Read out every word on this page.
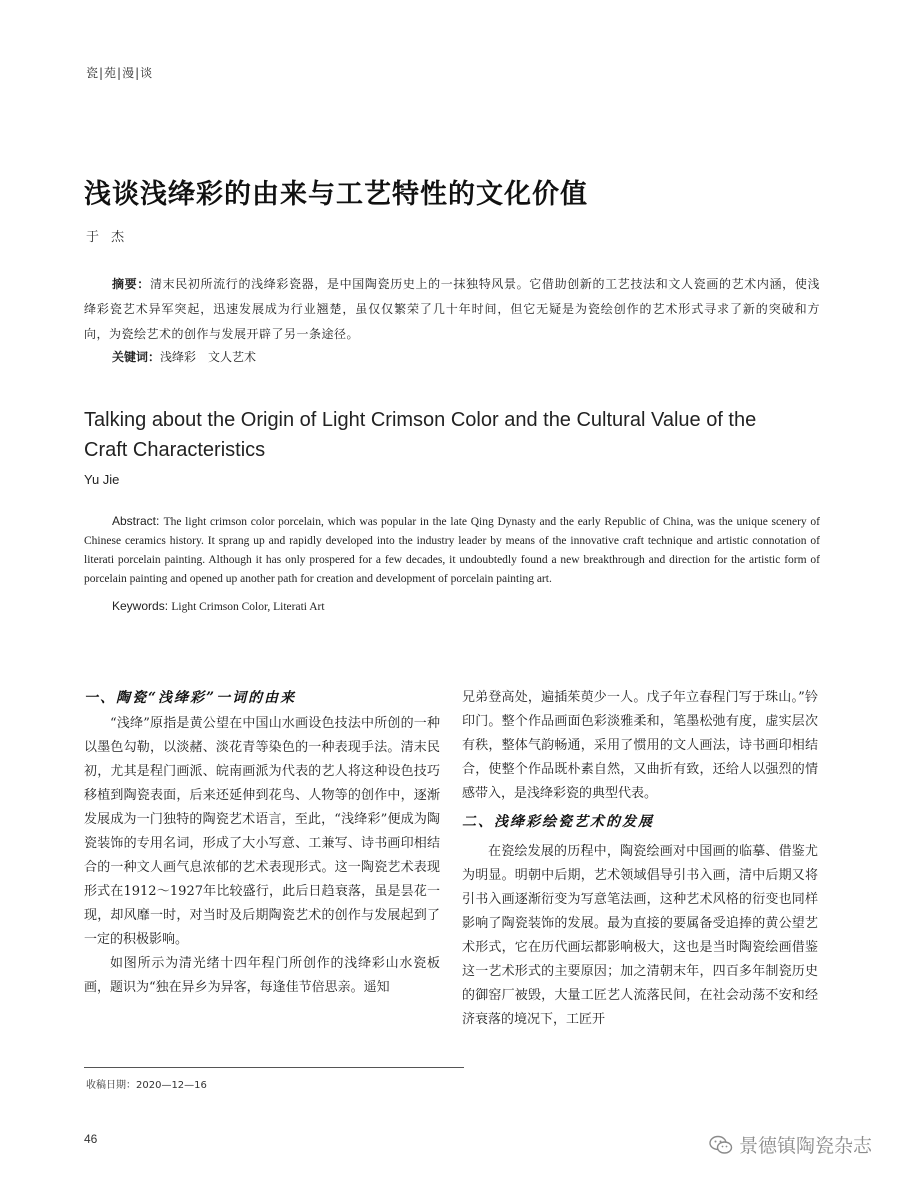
瓷|苑|漫|谈
浅谈浅绛彩的由来与工艺特性的文化价值
于 杰
摘要：清末民初所流行的浅绛彩瓷器，是中国陶瓷历史上的一抹独特风景。它借助创新的工艺技法和文人瓷画的艺术内涵，使浅绛彩瓷艺术异军突起，迅速发展成为行业翘楚，虽仅仅繁荣了几十年时间，但它无疑是为瓷绘创作的艺术形式寻求了新的突破和方向，为瓷绘艺术的创作与发展开辟了另一条途径。
关键词：浅绛彩　文人艺术
Talking about the Origin of Light Crimson Color and the Cultural Value of the Craft Characteristics
Yu Jie
Abstract: The light crimson color porcelain, which was popular in the late Qing Dynasty and the early Republic of China, was the unique scenery of Chinese ceramics history. It sprang up and rapidly developed into the industry leader by means of the innovative craft technique and artistic connotation of literati porcelain painting. Although it has only prospered for a few decades, it undoubtedly found a new breakthrough and direction for the artistic form of porcelain painting and opened up another path for creation and development of porcelain painting art.
Keywords: Light Crimson Color, Literati Art
一、陶瓷“浅绛彩”一词的由来

“浅绛”原指是黄公望在中国山水画设色技法中所创的一种以墨色勾勒，以淡赭、淡花青等染色的一种表现手法。清末民初，尤其是程门画派、皖南画派为代表的艺人将这种设色技巧移植到陶瓷表面，后来还延伸到花鸟、人物等的创作中，逐渐发展成为一门独特的陶瓷艺术语言，至此，“浅绛彩”便成为陶瓷装饰的专用名词，形成了大小写意、工兼写、诗书画印相结合的一种文人画气息浓郁的艺术表现形式。这一陶瓷艺术表现形式在1912～1927年比较盛行，此后日趋衰落，虽是昙花一现，却风靡一时，对当时及后期陶瓷艺术的创作与发展起到了一定的积极影响。

如图所示为清光绪十四年程门所创作的浅绛彩山水瓷板画，题识为“独在异乡为异客，每逢佳节倍思亲。遥知

兄弟登高处，遍插茱萸少一人。戊子年立春程门写于珠山。”钤印门。整个作品画面色彩淡雅柔和，笔墨松弛有度，虚实层次有秩，整体气韵畅通，采用了惯用的文人画法，诗书画印相结合，使整个作品既朴素自然，又曲折有致，还给人以强烈的情感带入，是浅绛彩瓷的典型代表。

二、浅绛彩绘瓷艺术的发展

在瓷绘发展的历程中，陶瓷绘画对中国画的临摹、借鉴尤为明显。明朝中后期，艺术领域倡导引书入画，清中后期又将引书入画逐渐衍变为写意笔法画，这种艺术风格的衍变也同样影响了陶瓷装饰的发展。最为直接的要属备受追捧的黄公望艺术形式，它在历代画坛都影响极大，这也是当时陶瓷绘画借鉴这一艺术形式的主要原因；加之清朝末年，四百多年制瓷历史的御窑厂被毁，大量工匠艺人流落民间，在社会动荡不安和经济衰落的境况下，工匠开

收稿日期：2020—12—16
46	景德镇陶瓷杂志
